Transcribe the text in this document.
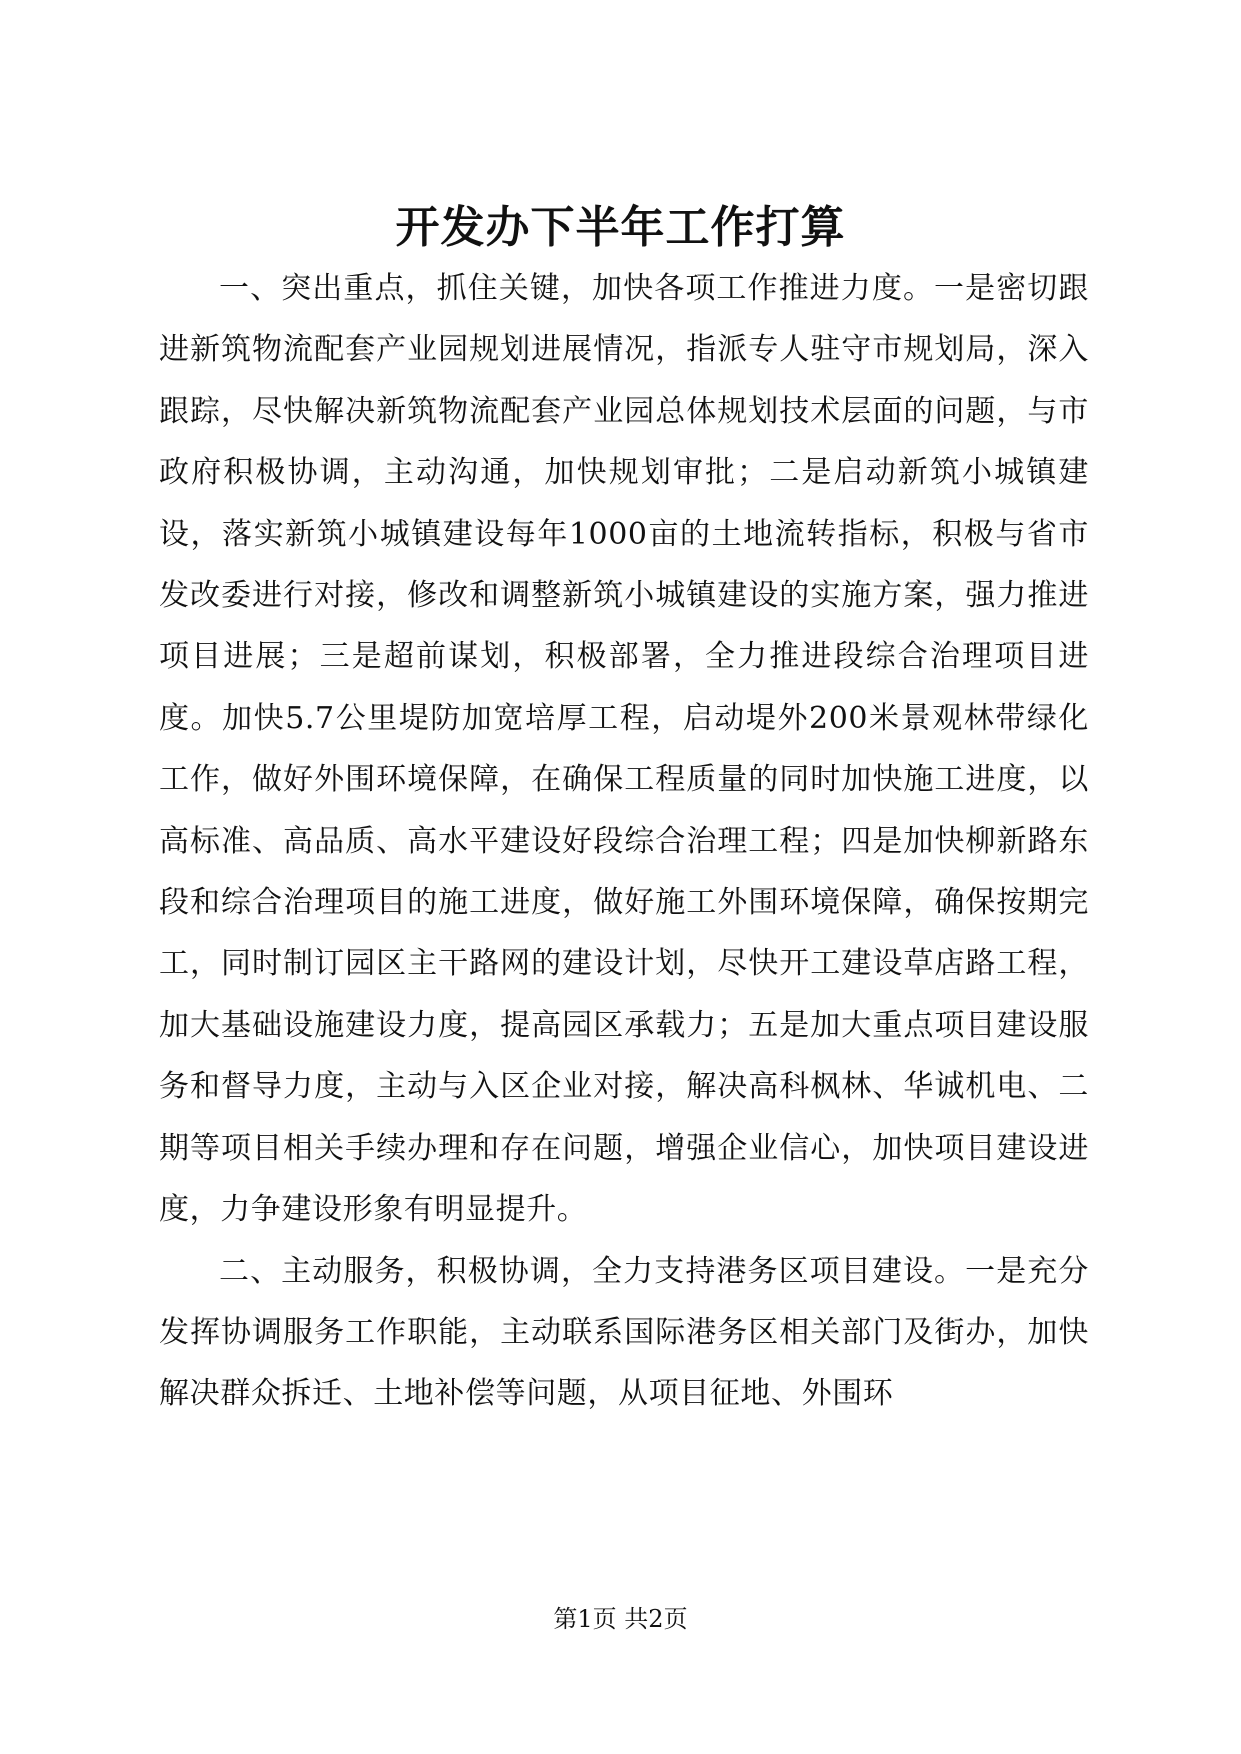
开发办下半年工作打算

一、突出重点，抓住关键，加快各项工作推进力度。一是密切跟进新筑物流配套产业园规划进展情况，指派专人驻守市规划局，深入跟踪，尽快解决新筑物流配套产业园总体规划技术层面的问题，与市政府积极协调，主动沟通，加快规划审批；二是启动新筑小城镇建设，落实新筑小城镇建设每年1000亩的土地流转指标，积极与省市发改委进行对接，修改和调整新筑小城镇建设的实施方案，强力推进项目进展；三是超前谋划，积极部署，全力推进段综合治理项目进度。加快5.7公里堤防加宽培厚工程，启动堤外200米景观林带绿化工作，做好外围环境保障，在确保工程质量的同时加快施工进度，以高标准、高品质、高水平建设好段综合治理工程；四是加快柳新路东段和综合治理项目的施工进度，做好施工外围环境保障，确保按期完工，同时制订园区主干路网的建设计划，尽快开工建设草店路工程，加大基础设施建设力度，提高园区承载力；五是加大重点项目建设服务和督导力度，主动与入区企业对接，解决高科枫林、华诚机电、二期等项目相关手续办理和存在问题，增强企业信心，加快项目建设进度，力争建设形象有明显提升。

二、主动服务，积极协调，全力支持港务区项目建设。一是充分发挥协调服务工作职能，主动联系国际港务区相关部门及街办，加快解决群众拆迁、土地补偿等问题，从项目征地、外围环

第1页 共2页
